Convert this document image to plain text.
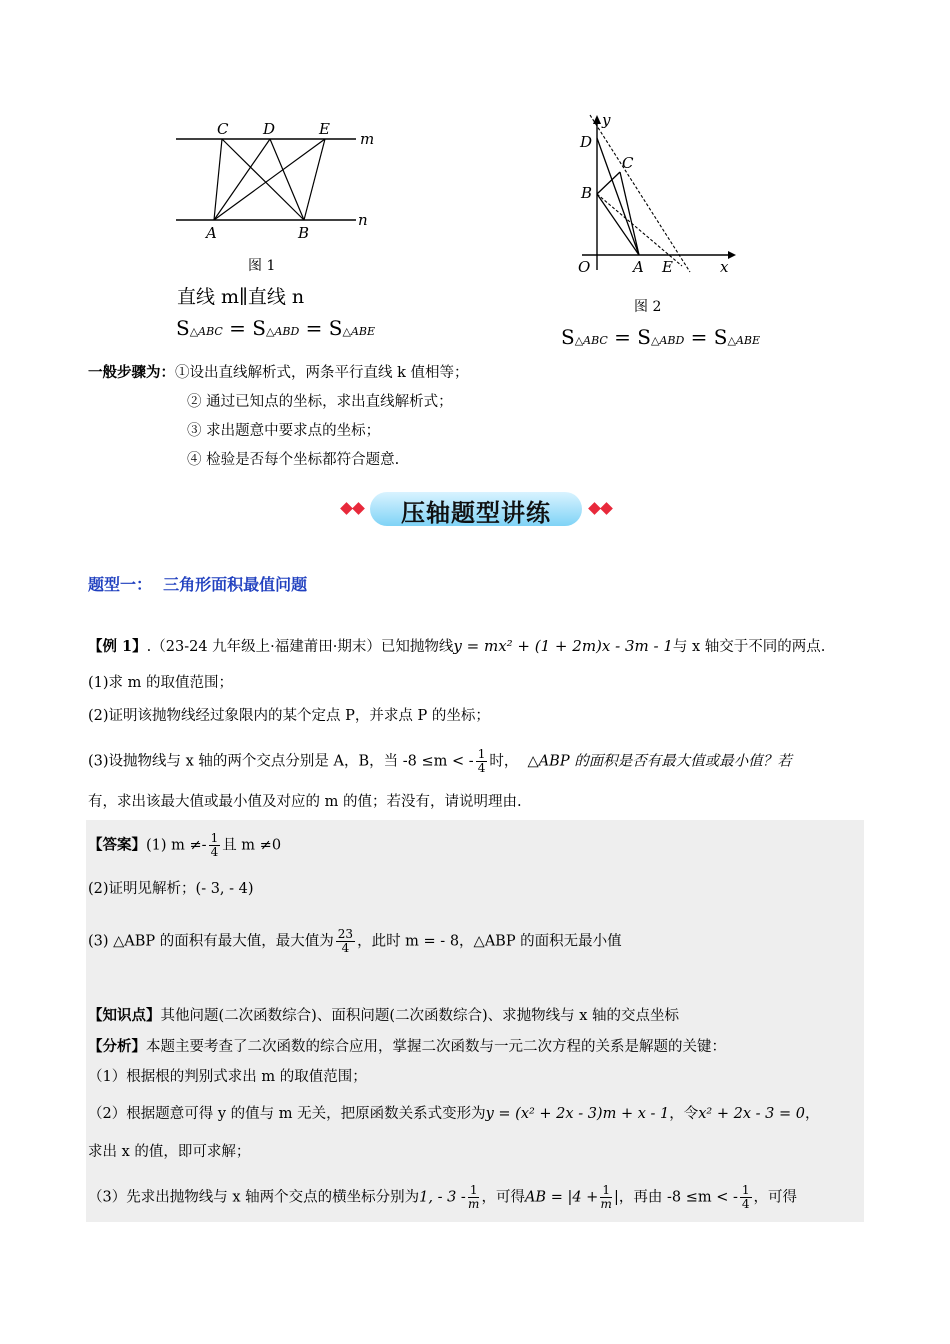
C D	E
m
A	B
n
图 1
直线 m∥直线 n
S△ABC = S△ABD = S△ABE
y
D
C
B
O	A E	x
图 2
S△ABC = S△ABD = S△ABE
一般步骤为：①设出直线解析式，两条平行直线 k 值相等；
② 通过已知点的坐标，求出直线解析式；
③ 求出题意中要求点的坐标；
④ 检验是否每个坐标都符合题意.
压轴题型讲练
题型一：  三角形面积最值问题
【例 1】.（23-24 九年级上·福建莆田·期末）已知抛物线y = mx² + (1 + 2m)x - 3m - 1与 x 轴交于不同的两点.
(1)求 m 的取值范围；
(2)证明该抛物线经过象限内的某个定点 P，并求点 P 的坐标；
(3)设抛物线与 x 轴的两个交点分别是 A，B，当 -8 ≤m < - $\frac{1}{4}$ 时， △ABP 的面积是否有最大值或最小值？若
有，求出该最大值或最小值及对应的 m 的值；若没有，请说明理由.
【答案】(1) $m \ne- \frac{1}{4}$ 且 m ≠0
(2)证明见解析；(- 3, - 4)
(3) △ABP 的面积有最大值，最大值为 $\frac{23}{4}$ ，此时 m = - 8，△ABP 的面积无最小值
【知识点】其他问题(二次函数综合)、面积问题(二次函数综合)、求抛物线与 x 轴的交点坐标
【分析】本题主要考查了二次函数的综合应用，掌握二次函数与一元二次方程的关系是解题的关键：
（1）根据根的判别式求出 m 的取值范围；
（2）根据题意可得 y 的值与 m 无关，把原函数关系式变形为y = (x² + 2x - 3)m + x - 1，令x² + 2x - 3 = 0，
求出 x 的值，即可求解；
（3）先求出抛物线与 x 轴两个交点的横坐标分别为1, - $3 - \frac{1}{m}$ ，可得AB = $|4 + \frac{1}{m}$ |，再由 -8 ≤m < - $\frac{1}{4}$ ，可得
